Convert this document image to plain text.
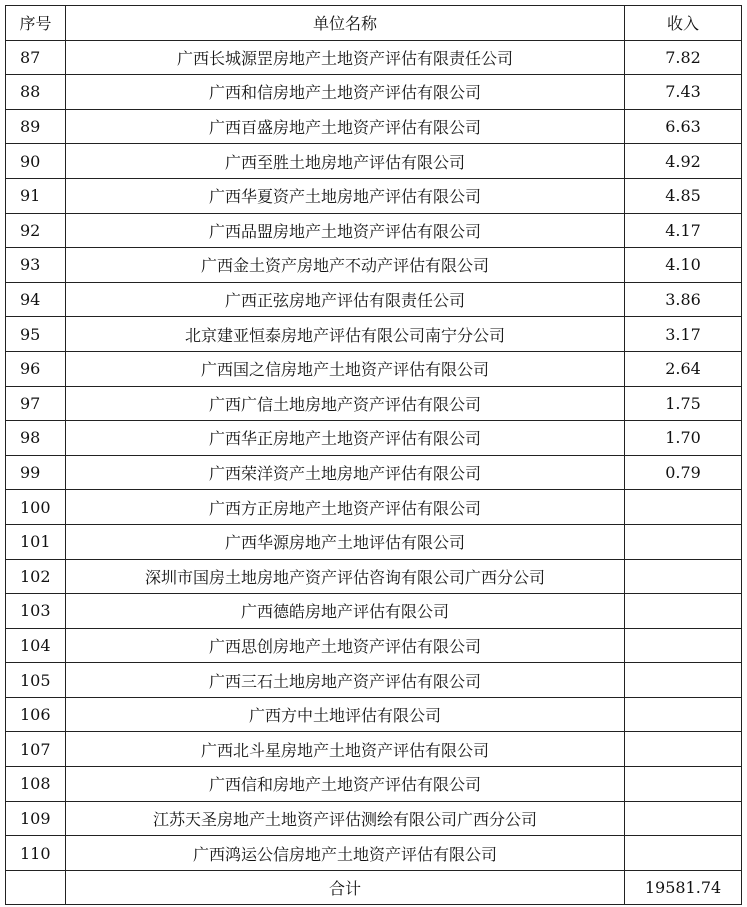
序号	单位名称	收入
87	广西长城源罡房地产土地资产评估有限责任公司	7.82
88	广西和信房地产土地资产评估有限公司	7.43
89	广西百盛房地产土地资产评估有限公司	6.63
90	广西至胜土地房地产评估有限公司	4.92
91	广西华夏资产土地房地产评估有限公司	4.85
92	广西品盟房地产土地资产评估有限公司	4.17
93	广西金土资产房地产不动产评估有限公司	4.10
94	广西正弦房地产评估有限责任公司	3.86
95	北京建亚恒泰房地产评估有限公司南宁分公司	3.17
96	广西国之信房地产土地资产评估有限公司	2.64
97	广西广信土地房地产资产评估有限公司	1.75
98	广西华正房地产土地资产评估有限公司	1.70
99	广西荣洋资产土地房地产评估有限公司	0.79
100	广西方正房地产土地资产评估有限公司	
101	广西华源房地产土地评估有限公司	
102	深圳市国房土地房地产资产评估咨询有限公司广西分公司	
103	广西德皓房地产评估有限公司	
104	广西思创房地产土地资产评估有限公司	
105	广西三石土地房地产资产评估有限公司	
106	广西方中土地评估有限公司	
107	广西北斗星房地产土地资产评估有限公司	
108	广西信和房地产土地资产评估有限公司	
109	江苏天圣房地产土地资产评估测绘有限公司广西分公司	
110	广西鸿运公信房地产土地资产评估有限公司	
	合计	19581.74
